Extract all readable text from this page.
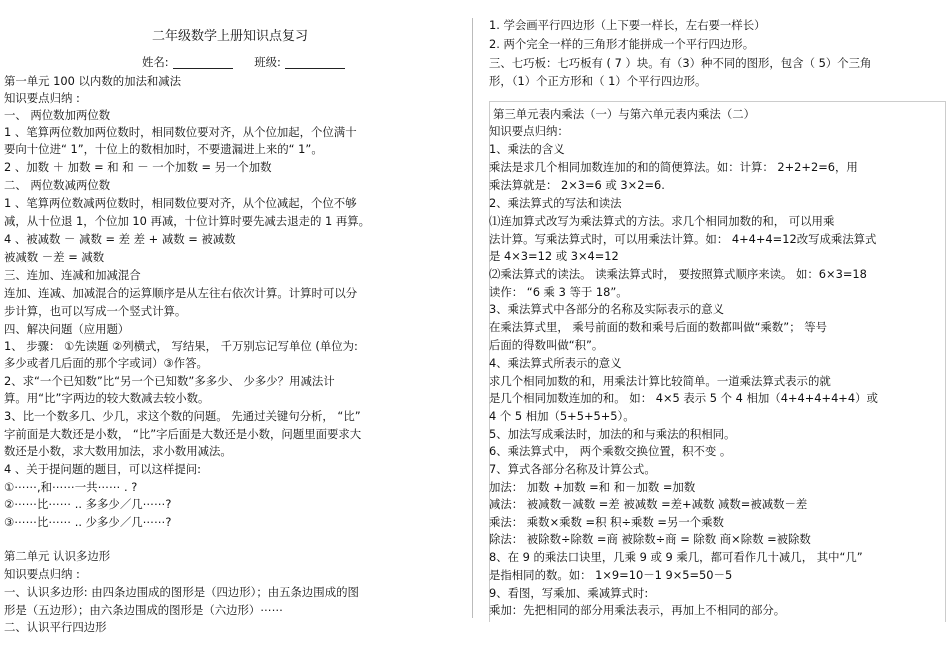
二年级数学上册知识点复习
姓名:	班级:
第一单元 100 以内数的加法和减法
知识要点归纳 :
一、 两位数加两位数
1 、笔算两位数加两位数时，相同数位要对齐，从个位加起，个位满十
要向十位进“ 1”，十位上的数相加时，不要遗漏进上来的“ 1”。
2 、加数 ＋ 加数 = 和 和 － 一个加数 = 另一个加数
二、 两位数减两位数
1 、笔算两位数减两位数时，相同数位要对齐，从个位减起，个位不够
减，从十位退 1，个位加 10 再减，十位计算时要先减去退走的 1 再算。
4 、被减数 － 减数 = 差 差 + 减数 = 被减数
被减数 －差 = 减数
三、连加、连减和加减混合
连加、连减、加减混合的运算顺序是从左往右依次计算。计算时可以分
步计算，也可以写成一个竖式计算。
四、解决问题（应用题）
1、 步骤： ①先读题 ②列横式， 写结果， 千万别忘记写单位 (单位为:
多少或者几后面的那个字或词）③作答。
2、求“一个已知数”比“另一个已知数”多多少、 少多少？用减法计
算。用“比”字两边的较大数减去较小数。
3、比一个数多几、少几，求这个数的问题。 先通过关键句分析， “比”
字前面是大数还是小数， “比”字后面是大数还是小数，问题里面要求大
数还是小数，求大数用加法，求小数用减法。
4 、关于提问题的题目，可以这样提问:
①⋯⋯,和⋯⋯一共⋯⋯ . ?
②⋯⋯比⋯⋯ .. 多多少／几⋯⋯?
③⋯⋯比⋯⋯ .. 少多少／几⋯⋯?
第二单元 认识多边形
知识要点归纳 :
一、认识多边形: 由四条边围成的图形是（四边形）；由五条边围成的图
形是（五边形）；由六条边围成的图形是（六边形）⋯⋯
二、认识平行四边形
1. 学会画平行四边形（上下要一样长，左右要一样长）
2. 两个完全一样的三角形才能拼成一个平行四边形。
三、七巧板：七巧板有 ( 7 ）块。有（3）种不同的图形，包含（ 5）个三角
形，（1）个正方形和（ 1）个平行四边形。
第三单元表内乘法（一）与第六单元表内乘法（二）
知识要点归纳：
1、乘法的含义
乘法是求几个相同加数连加的和的简便算法。如：计算： 2+2+2=6，用
乘法算就是： 2×3=6 或 3×2=6.
2、乘法算式的写法和读法
⑴连加算式改写为乘法算式的方法。求几个相同加数的和， 可以用乘
法计算。写乘法算式时，可以用乘法计算。如： 4+4+4=12改写成乘法算式
是 4×3=12 或 3×4=12
⑵乘法算式的读法。 读乘法算式时， 要按照算式顺序来读。 如：6×3=18
读作： “6 乘 3 等于 18”。
3、乘法算式中各部分的名称及实际表示的意义
在乘法算式里， 乘号前面的数和乘号后面的数都叫做“乘数”； 等号
后面的得数叫做“积”。
4、乘法算式所表示的意义
求几个相同加数的和，用乘法计算比较简单。一道乘法算式表示的就
是几个相同加数连加的和。 如： 4×5 表示 5 个 4 相加（4+4+4+4+4）或
4 个 5 相加（5+5+5+5）。
5、加法写成乘法时，加法的和与乘法的积相同。
6、乘法算式中， 两个乘数交换位置，积不变 。
7、算式各部分名称及计算公式。
加法： 加数 +加数 =和 和－加数 =加数
减法： 被减数－减数 =差 被减数 =差+减数 减数=被减数－差
乘法： 乘数×乘数 =积 积÷乘数 =另一个乘数
除法： 被除数÷除数 =商 被除数÷商 = 除数 商×除数 =被除数
8、在 9 的乘法口诀里，几乘 9 或 9 乘几，都可看作几十减几， 其中“几”
是指相同的数。如： 1×9=10－1 9×5=50－5
9、看图，写乘加、乘减算式时:
乘加：先把相同的部分用乘法表示，再加上不相同的部分。
